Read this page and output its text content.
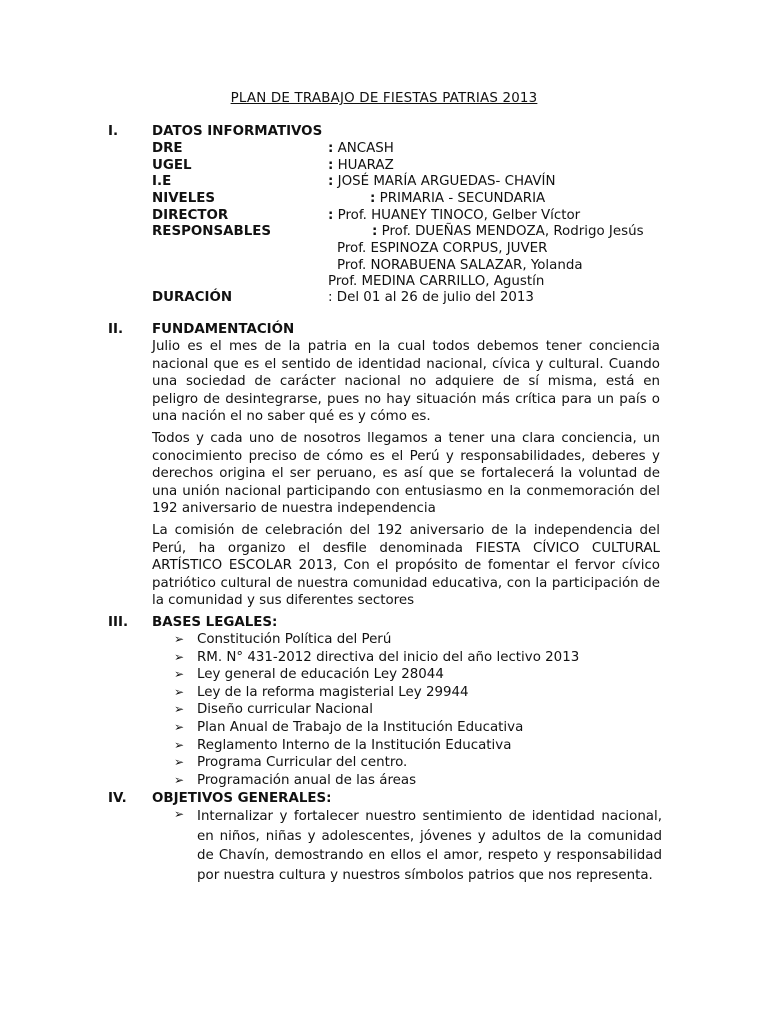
PLAN DE TRABAJO DE FIESTAS PATRIAS 2013
I.	DATOS INFORMATIVOS
DRE	: ANCASH
UGEL	: HUARAZ
I.E	: JOSÉ MARÍA ARGUEDAS- CHAVÍN
NIVELES	: PRIMARIA - SECUNDARIA
DIRECTOR	: Prof. HUANEY TINOCO, Gelber Víctor
RESPONSABLES	: Prof. DUEÑAS MENDOZA, Rodrigo Jesús
Prof. ESPINOZA CORPUS, JUVER
Prof. NORABUENA SALAZAR, Yolanda
Prof. MEDINA CARRILLO, Agustín
DURACIÓN	: Del 01 al 26 de julio del 2013
II.	FUNDAMENTACIÓN

Julio es el mes de la patria en la cual todos debemos tener conciencia nacional que es el sentido de identidad nacional, cívica y cultural. Cuando una sociedad de carácter nacional no adquiere de sí misma, está en peligro de desintegrarse, pues no hay situación más crítica para un país o una nación el no saber qué es y cómo es.

Todos y cada uno de nosotros llegamos a tener una clara conciencia, un conocimiento preciso de cómo es el Perú y responsabilidades, deberes y derechos origina el ser peruano, es así que se fortalecerá la voluntad de una unión nacional participando con entusiasmo en la conmemoración del 192 aniversario de nuestra independencia

La comisión de celebración del 192 aniversario de la independencia del Perú, ha organizo el desfile denominada FIESTA CÍVICO CULTURAL ARTÍSTICO ESCOLAR 2013, Con el propósito de fomentar el fervor cívico patriótico cultural de nuestra comunidad educativa, con la participación de la comunidad y sus diferentes sectores

III.	BASES LEGALES:
➢ Constitución Política del Perú
➢ RM. N° 431-2012 directiva del inicio del año lectivo 2013
➢ Ley general de educación Ley 28044
➢ Ley de la reforma magisterial Ley 29944
➢ Diseño curricular Nacional
➢ Plan Anual de Trabajo de la Institución Educativa
➢ Reglamento Interno de la Institución Educativa
➢ Programa Curricular del centro.
➢ Programación anual de las áreas
IV.	OBJETIVOS GENERALES:
➢ Internalizar y fortalecer nuestro sentimiento de identidad nacional, en niños, niñas y adolescentes, jóvenes y adultos de la comunidad de Chavín, demostrando en ellos el amor, respeto y responsabilidad por nuestra cultura y nuestros símbolos patrios que nos representa.
